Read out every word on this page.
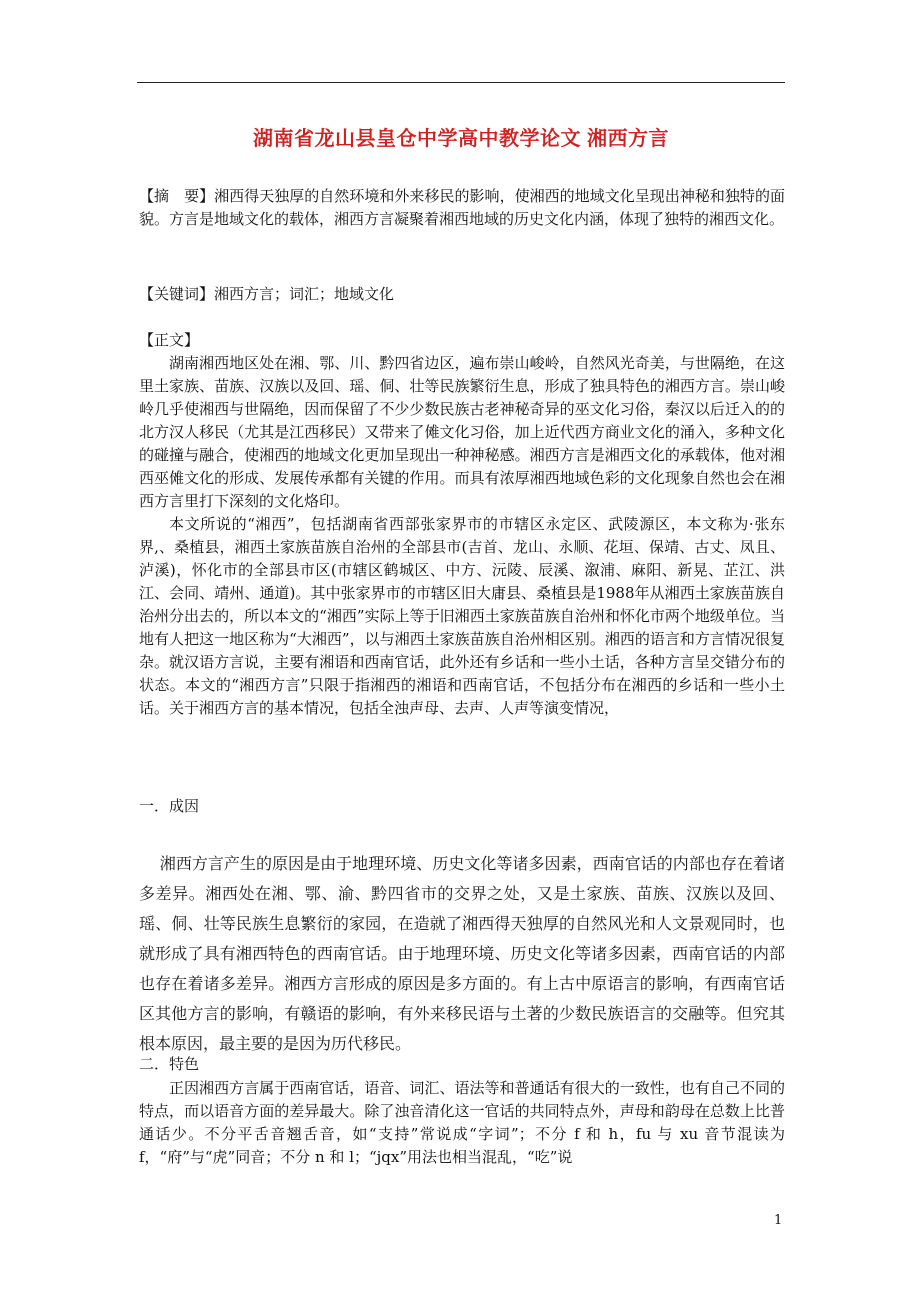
湖南省龙山县皇仓中学高中教学论文 湘西方言

【摘　要】湘西得天独厚的自然环境和外来移民的影响，使湘西的地域文化呈现出神秘和独特的面貌。方言是地域文化的载体，湘西方言凝聚着湘西地域的历史文化内涵，体现了独特的湘西文化。

【关键词】湘西方言；词汇；地域文化

【正文】

湖南湘西地区处在湘、鄂、川、黔四省边区，遍布崇山峻岭，自然风光奇美，与世隔绝，在这里土家族、苗族、汉族以及回、瑶、侗、壮等民族繁衍生息，形成了独具特色的湘西方言。崇山峻岭几乎使湘西与世隔绝，因而保留了不少少数民族古老神秘奇异的巫文化习俗，秦汉以后迁入的的北方汉人移民（尤其是江西移民）又带来了傩文化习俗，加上近代西方商业文化的涌入，多种文化的碰撞与融合，使湘西的地域文化更加呈现出一种神秘感。湘西方言是湘西文化的承载体，他对湘西巫傩文化的形成、发展传承都有关键的作用。而具有浓厚湘西地域色彩的文化现象自然也会在湘西方言里打下深刻的文化烙印。

本文所说的“湘西”，包括湖南省西部张家界市的市辖区永定区、武陵源区，本文称为·张东界,、桑植县，湘西土家族苗族自治州的全部县市(吉首、龙山、永顺、花垣、保靖、古丈、凤且、泸溪)，怀化市的全部县市区(市辖区鹤城区、中方、沅陵、辰溪、溆浦、麻阳、新晃、芷江、洪江、会同、靖州、通道)。其中张家界市的市辖区旧大庸县、桑植县是1988年从湘西土家族苗族自治州分出去的，所以本文的“湘西”实际上等于旧湘西土家族苗族自治州和怀化市两个地级单位。当地有人把这一地区称为“大湘西”，以与湘西土家族苗族自治州相区别。湘西的语言和方言情况很复杂。就汉语方言说，主要有湘语和西南官话，此外还有乡话和一些小土话，各种方言呈交错分布的状态。本文的“湘西方言”只限于指湘西的湘语和西南官话，不包括分布在湘西的乡话和一些小土话。关于湘西方言的基本情况，包括全浊声母、去声、人声等演变情况，

一．成因

湘西方言产生的原因是由于地理环境、历史文化等诸多因素，西南官话的内部也存在着诸多差异。湘西处在湘、鄂、渝、黔四省市的交界之处，又是土家族、苗族、汉族以及回、瑶、侗、壮等民族生息繁衍的家园，在造就了湘西得天独厚的自然风光和人文景观同时，也就形成了具有湘西特色的西南官话。由于地理环境、历史文化等诸多因素，西南官话的内部也存在着诸多差异。湘西方言形成的原因是多方面的。有上古中原语言的影响，有西南官话区其他方言的影响，有赣语的影响，有外来移民语与土著的少数民族语言的交融等。但究其根本原因，最主要的是因为历代移民。

二．特色

正因湘西方言属于西南官话，语音、词汇、语法等和普通话有很大的一致性，也有自己不同的特点，而以语音方面的差异最大。除了浊音清化这一官话的共同特点外，声母和韵母在总数上比普通话少。不分平舌音翘舌音，如“支持”常说成“字词”；不分 f 和 h，fu 与 xu 音节混读为 f，“府”与“虎”同音；不分 n 和 l；“jqx”用法也相当混乱，“吃”说

1
